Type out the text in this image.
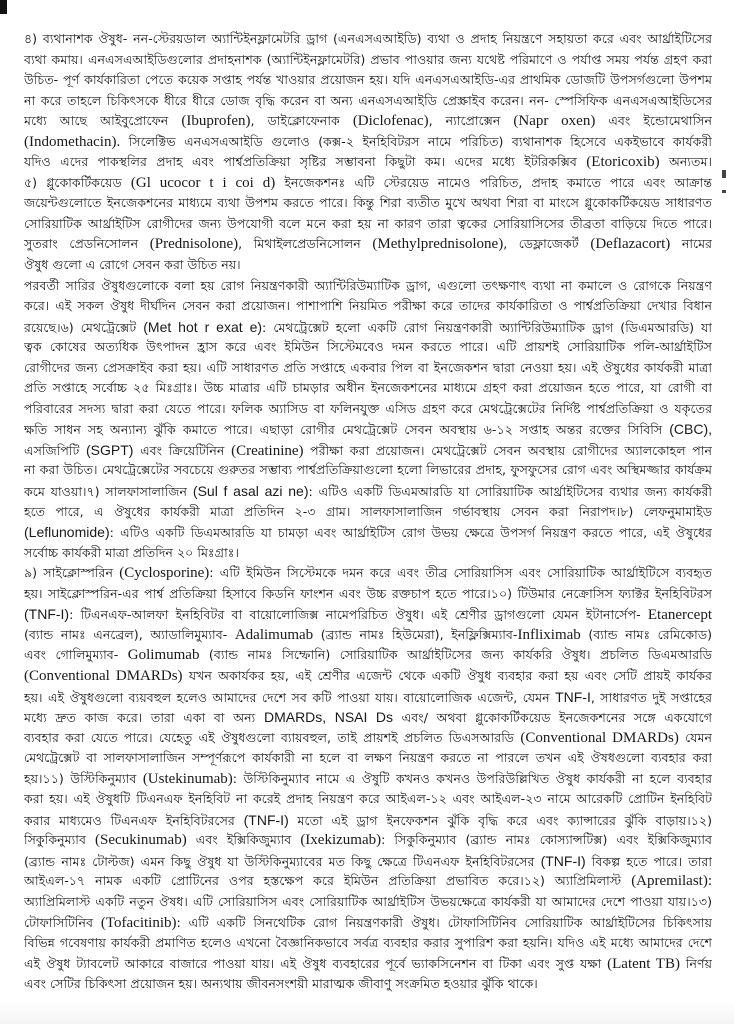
৪) ব্যথানাশক ঔষুধ- নন-স্টেরয়ডাল অ্যান্টিইনফ্লামেটরি ড্রাগ (এনএসএআইডি) ব্যথা ও প্রদাহ নিয়ন্ত্রণে সহায়তা করে এবং আর্থ্রাইটিসের
ব্যথা কমায়। এনএসএআইডিগুলোর প্রদাহনাশক (অ্যান্টিইনফ্লামেটরি) প্রভাব পাওয়ার জন্য যথেষ্ট পরিমাণে ও পর্যাপ্ত সময় পর্যন্ত গ্রহণ করা
উচিত- পূর্ণ কার্যকারিতা পেতে কয়েক সপ্তাহ পর্যন্ত খাওয়ার প্রয়োজন হয়। যদি এনএসএআইডি-এর প্রাথমিক ডোজটি উপসর্গগুলো উপশম
না করে তাহলে চিকিৎসকে ধীরে ধীরে ডোজ বৃদ্ধি করেন বা অন্য এনএসএআইডি প্রেস্ক্রাইব করেন। নন- স্পেসিফিক এনএসএআইডিসের
মধ্যে আছে আইবুপ্রোফেন (Ibuprofen), ডাইক্লোফেনাক (Diclofenac), ন্যাপ্রোক্সেন (Napr oxen) এবং ইন্ডোমেথাসিন
(Indomethacin). সিলেক্টিভ এনএসএআইডি গুলোও (কক্স-২ ইনহিবিটরস নামে পরিচিত) ব্যথানাশক হিসেবে একইভাবে কার্যকরী
যদিও এদের পাকস্থলির প্রদাহ এবং পার্শ্বপ্রতিক্রিয়া সৃষ্টির সম্ভাবনা কিছুটা কম। এদের মধ্যে ইটরিকক্সিব (Etoricoxib) অন্যতম।
৫) গ্লুকোকর্টিকয়েড (Gl ucocor t i coi d) ইনজেকশনঃ এটি স্টেরয়েড নামেও পরিচিত, প্রদাহ কমাতে পারে এবং আক্রান্ত
জয়েন্টগুলোতে ইনজেকশনের মাধ্যমে ব্যথা উপশম করতে পারে। কিন্তু শিরা ব্যতীত মুখে অথবা শিরা বা মাংসে গ্লুকোকর্টিকয়েড সাধারণত
সোরিয়াটিক আর্থ্রাইটিস রোগীদের জন্য উপযোগী বলে মনে করা হয় না কারণ তারা ত্বকের সোরিয়াসিসের তীব্রতা বাড়িয়ে দিতে পারে।
সুতরাং প্রেডনিসোলন (Prednisolone), মিথাইলপ্রেডনিসোলন (Methylprednisolone), ডেফ্লাজেকর্ট (Deflazacort) নামের
ঔষুধ গুলো এ রোগে সেবন করা উচিত নয়।
পরবর্তী সারির ঔষুধগুলোকে বলা হয় রোগ নিয়ন্ত্রণকারী অ্যান্টিরিউম্যাটিক ড্রাগ, এগুলো তৎক্ষণাৎ ব্যথা না কমালে ও রোগকে নিয়ন্ত্রণ
করে। এই সকল ঔষুধ দীর্ঘদিন সেবন করা প্রয়োজন। পাশাপাশি নিয়মিত পরীক্ষা করে তাদের কার্যকারিতা ও পার্শ্বপ্রতিক্রিয়া দেখার বিধান
রয়েছে।৬) মেথট্রেক্সেট (Met hot r exat e): মেথট্রেক্সেট হলো একটি রোগ নিয়ন্ত্রণকারী অ্যান্টিরিউম্যাটিক ড্রাগ (ডিএমআরডি) যা
ত্বক কোষের অত্যধিক উৎপাদন হ্রাস করে এবং ইমিউন সিস্টেমবেও দমন করতে পারে। এটি প্রায়শই সোরিয়াটিক পলি-আর্থ্রাইটিস
রোগীদের জন্য প্রেসক্রাইব করা হয়। এটি সাধারণত প্রতি সপ্তাহে একবার পিল বা ইনজেকশন দ্বারা নেওয়া হয়। এই ঔষুধের কার্যকরী মাত্রা
প্রতি সপ্তাহে সর্বোচ্চ ২৫ মিঃগ্রাঃ। উচ্চ মাত্রার এটি চামড়ার অধীন ইনজেকশনের মাধ্যমে গ্রহণ করা প্রয়োজন হতে পারে, যা রোগী বা
পরিবারের সদস্য দ্বারা করা যেতে পারে। ফলিক অ্যাসিড বা ফলিনযুক্ত এসিড গ্রহণ করে মেথট্রেক্সেটের নির্দিষ্ট পার্শ্বপ্রতিক্রিয়া ও যকৃতের
ক্ষতি সাধন সহ অন্যান্য ঝুঁকি কমাতে পারে। এছাড়া রোগীর মেথট্রেক্সেট সেবন অবস্থায় ৬-১২ সপ্তাহ অন্তর রক্তের সিবিসি (CBC),
এসজিপিটি (SGPT) এবং ক্রিয়েটিনিন (Creatinine) পরীক্ষা করা প্রয়োজন। মেথট্রেক্সেট সেবন অবস্থায় রোগীদের অ্যালকোহল পান
না করা উচিত। মেথট্রেক্সেটের সবচেয়ে গুরুতর সম্ভাব্য পার্শ্বপ্রতিক্রিয়াগুলো হলো লিভারের প্রদাহ, ফুসফুসের রোগ এবং অস্থিমজ্জার কার্যক্রম
কমে যাওয়া।৭) সালফাসালাজিন (Sul f asal azi ne): এটিও একটি ডিএমআরডি যা সোরিয়াটিক আর্থ্রাইটিসের ব্যথার জন্য কার্যকরী
হতে পারে, এ ঔষুধের কার্যকরী মাত্রা প্রতিদিন ২-৩ গ্রাম। সালফাসালাজিন গর্ভাবস্থায় সেবন করা নিরাপদ।৮) লেফনুমামাইড
(Leflunomide): এটিও একটি ডিএমআরডি যা চামড়া এবং আর্থ্রাইটিস রোগ উভয় ক্ষেত্রে উপসর্গ নিয়ন্ত্রণ করতে পারে, এই ঔষুধের
সর্বোচ্চ কার্যকরী মাত্রা প্রতিদিন ২০ মিঃগ্রাঃ।
৯) সাইক্লোস্পরিন (Cyclosporine): এটি ইমিউন সিস্টেমকে দমন করে এবং তীব্র সোরিয়াসিস এবং সোরিয়াটিক আর্থ্রাইটিসে ব্যবহৃত
হয়। সাইক্লোস্পরিন-এর পার্শ্ব প্রতিক্রিয়া হিসাবে কিডনি ফাংশন এবং উচ্চ রক্তচাপ হতে পারে।১০) টিউমার নেক্রোসিস ফ্যাক্টর ইনহিবিটরস
(TNF-I): টিএনএফ-আলফা ইনহিবিটর বা বায়োলোজিক্স নামেপরিচিত ঔষুধ। এই শ্রেণীর ড্রাগগুলো যেমন ইটানার্সেপ- Etanercept
(ব্যান্ড নামঃ এনব্রেল), অ্যাডালিমুম্যাব- Adalimumab (ব্র্যান্ড নামঃ হিউমেরা), ইনফ্লিক্সিম্যাব-Infliximab (ব্যান্ড নামঃ রেমিকোড)
এবং গোলিমুম্যাব- Golimumab (ব্যান্ড নামঃ সিম্ফোনি) সোরিয়াটিক আর্থ্রাইটিসের জন্য কার্যকরি ঔষুধ। প্রচলিত ডিএমআরডি
(Conventional DMARDs) যখন অকার্যকর হয়, এই শ্রেণীর এজেন্ট থেকে একটি ঔষুধ ব্যবহার করা হয় এবং সেটি প্রায়ই কার্যকর
হয়। এই ঔষুধগুলো ব্যয়বহুল হলেও আমাদের দেশে সব কটি পাওয়া যায়। বায়োলোজিক এজেন্ট, যেমন TNF-I, সাধারণত দুই সপ্তাহের
মধ্যে দ্রুত কাজ করে। তারা একা বা অন্য DMARDs, NSAI Ds এবং/ অথবা গ্লুকোকর্টিকয়েড ইনজেকশনের সঙ্গে একযোগে
ব্যবহার করা যেতে পারে। যেহেতু এই ঔষুধগুলো ব্যায়বহুল, তাই প্রায়শই প্রচলিত ডিএসআরডি (Conventional DMARDs) যেমন
মেথট্রেক্সেট বা সালফাসালাজিন সম্পূর্ণরূপে কার্যকারী না হলে বা লক্ষণ নিয়ন্ত্রণ করতে না পারলে তখন এই ঔষধগুলো ব্যবহার করা
হয়।১১) উস্টিকিনুম্যাব (Ustekinumab): উস্টিকিনুম্যাব নামে এ ঔষুটি কখনও কখনও উপরিউল্লিখিত ঔষুধ কার্যকরী না হলে ব্যবহার
করা হয়। এই ঔষুধটি টিএনএফ ইনহিবিট না করেই প্রদাহ নিয়ন্ত্রণ করে আইএল-১২ এবং আইএল-২৩ নামে আরেকটি প্রোটিন ইনহিবিট
করার মাধ্যমেও টিএনএফ ইনহিবিটরসের (TNF-I) মতো এই ড্রাগ ইনফেকশন ঝুঁকি বৃদ্ধি করে এবং ক্যান্সারের ঝুঁকি বাড়ায়।১২)
সিকুকিনুম্যাব (Secukinumab) এবং ইক্সিকিজুম্যাব (Ixekizumab): সিকুকিনুম্যাব (ব্র্যান্ড নামঃ কোস্যান্সটিক্স) এবং ইক্সিকিজুম্যাব
(ব্র্যান্ড নামঃ টোল্টজ) এমন কিছু ঔষুধ যা উস্টিকিনুম্যাবের মত কিছু ক্ষেত্রে টিএনএফ ইনহিবিটরসের (TNF-I) বিকল্প হতে পারে। তারা
আইএল-১৭ নামক একটি প্রোটিনের ওপর হস্তক্ষেপ করে ইমিউন প্রতিক্রিয়া প্রভাবিত করে।১২) অ্যাপ্রিমিলাস্ট (Apremilast):
অ্যাপ্রিমিলাস্ট একটি নতুন ঔষধ। এটি সোরিয়াসিস এবং সোরিয়াটিক আর্থ্রাইটিস উভয়ক্ষেত্রে কার্যকরী যা আমাদের দেশে পাওয়া যায়।১৩)
টোফাসিটিনিব (Tofacitinib): এটি একটি সিনথেটিক রোগ নিয়ন্ত্রণকারী ঔষুধ। টোফাসিটিনিব সোরিয়াটিক আর্থ্রাইটিসের চিকিৎসায়
বিভিন্ন গবেষণায় কার্যকরী প্রমাণিত হলেও এখনো বৈজ্ঞানিকভাবে সর্বত্র ব্যবহার করার সুপারিশ করা হয়নি। যদিও এই মধ্যে আমাদের দেশে
এই ঔষুধ ট্যাবলেট আকারে বাজারে পাওয়া যায়। এই ঔষুধ ব্যবহারের পূর্বে ভ্যাকসিনেশন বা টিকা এবং সুপ্ত যক্ষা (Latent TB) নির্ণয়
এবং সেটির চিকিৎসা প্রয়োজন হয়। অন্যথায় জীবনসংশয়ী মারাত্মক জীবাণু সংক্রমিত হওয়ার ঝুঁকি থাকে।
